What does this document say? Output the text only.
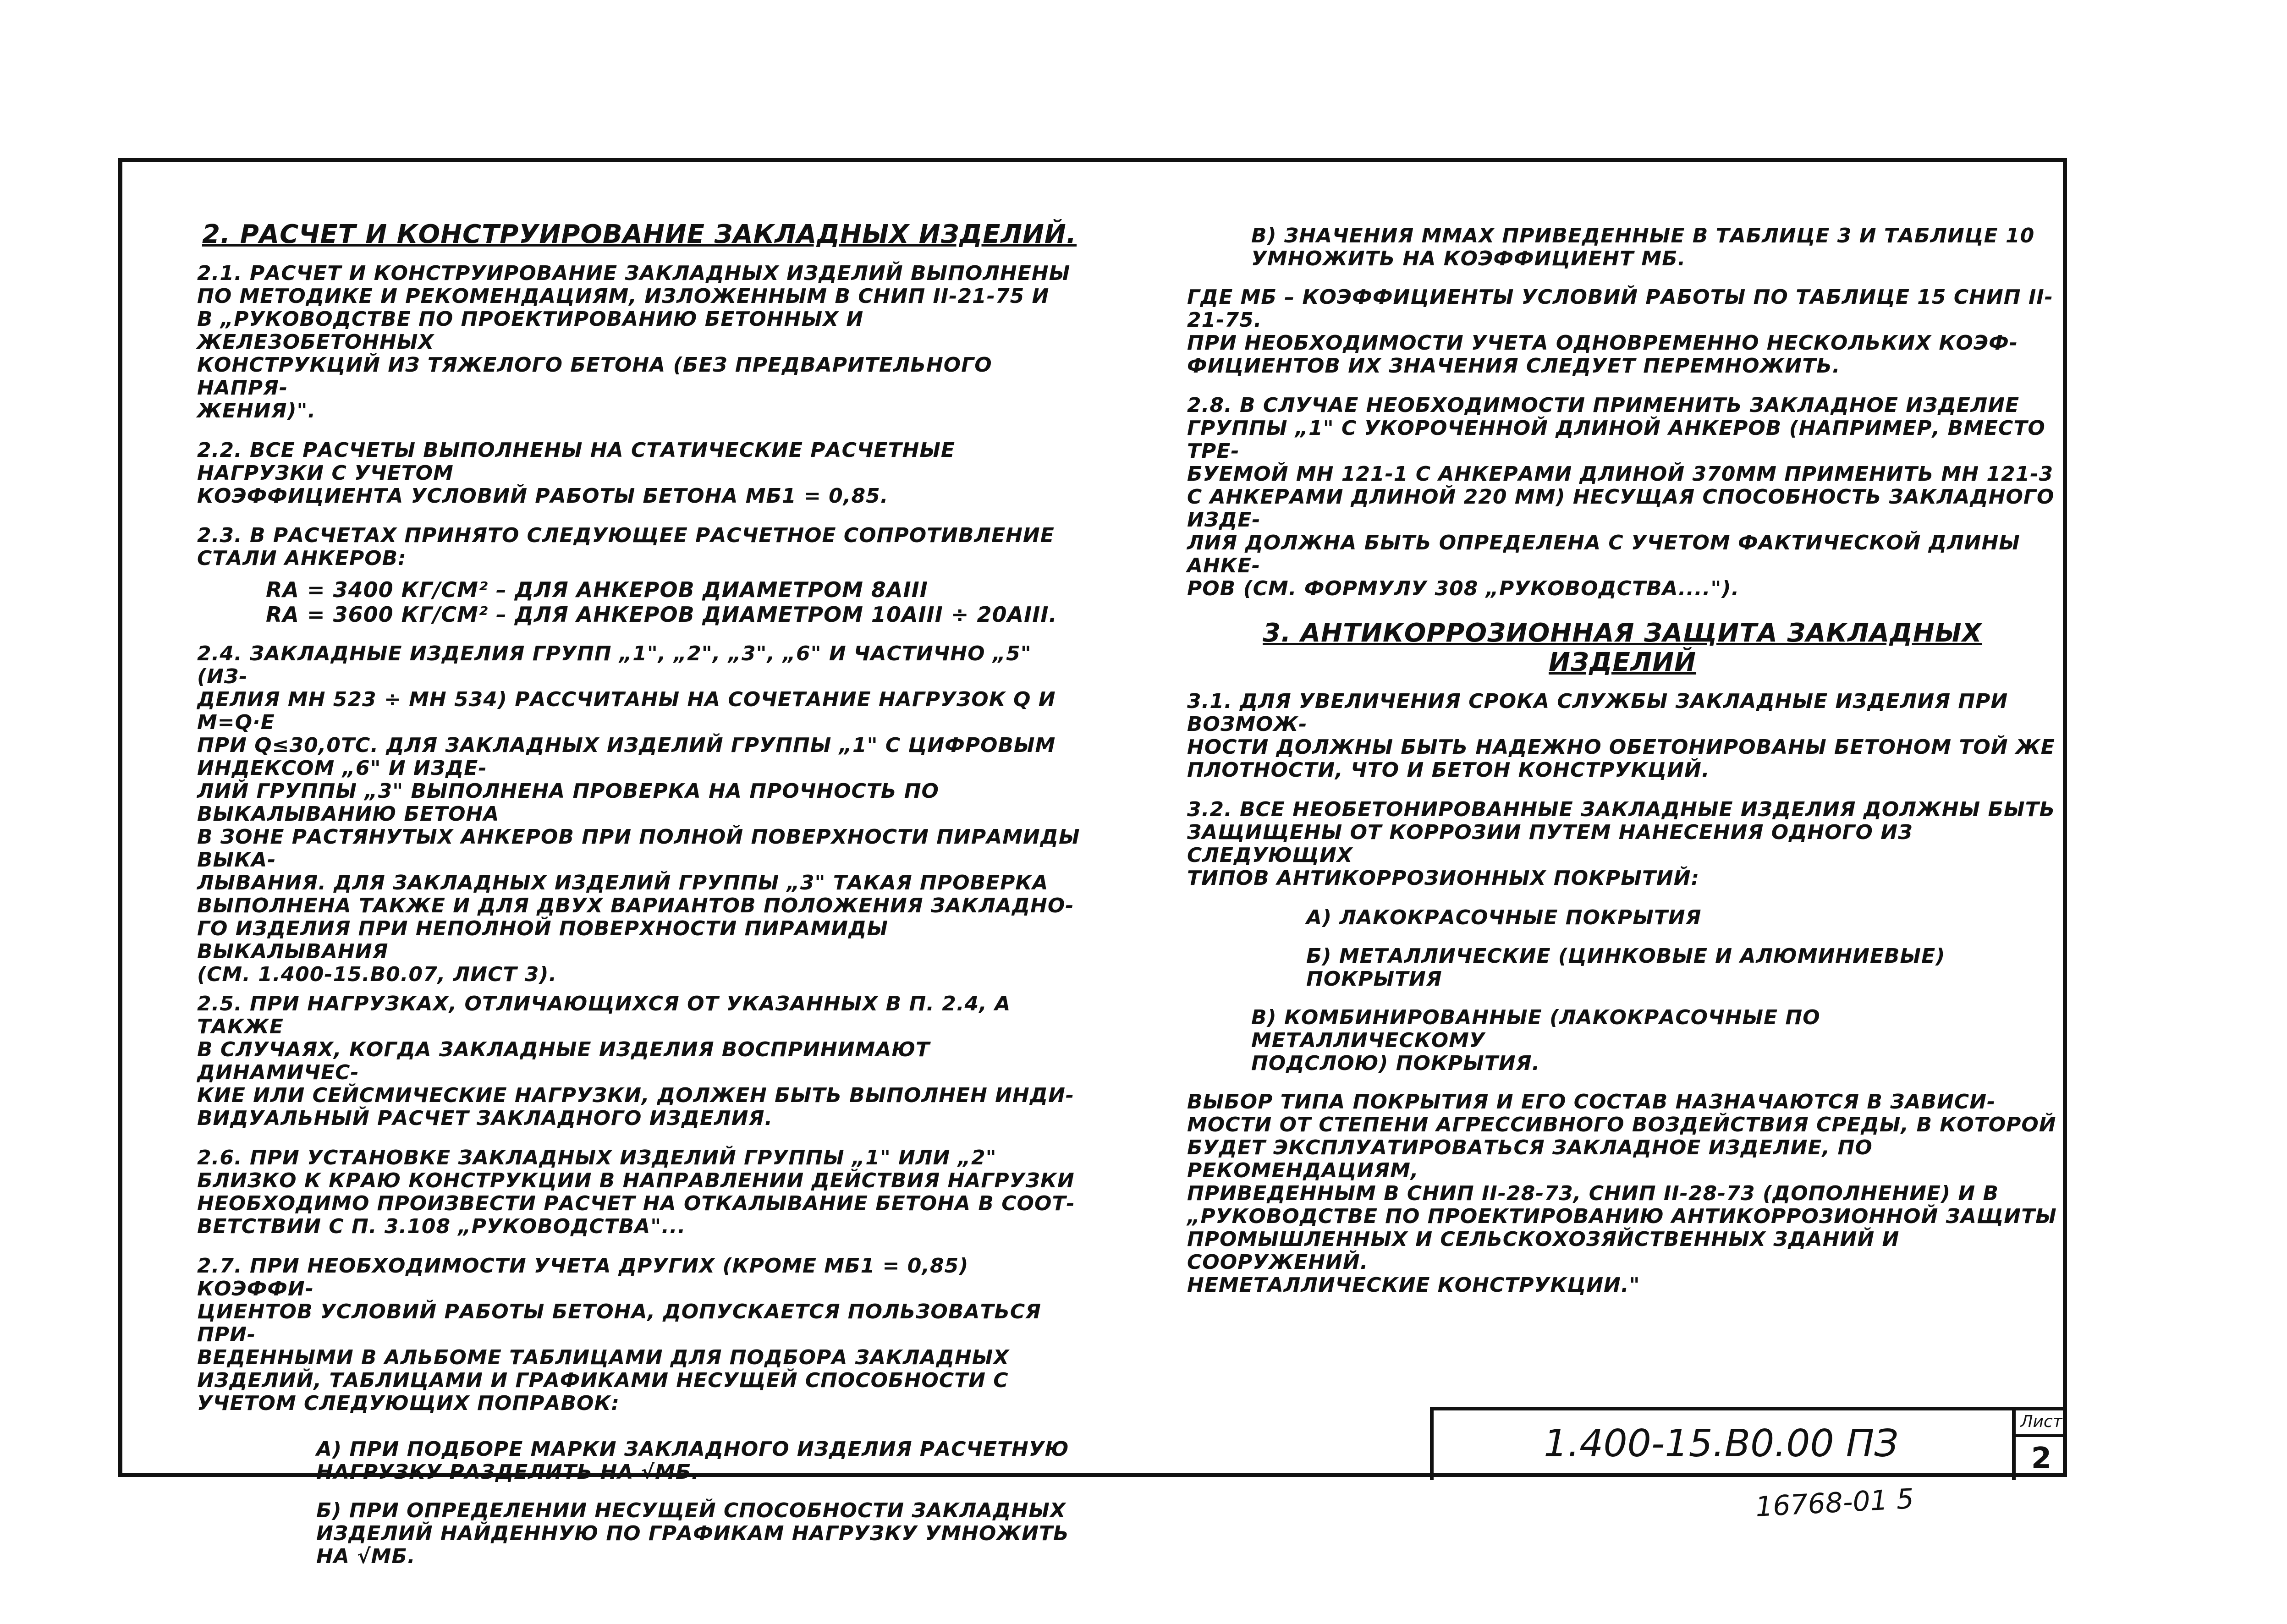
2. РАСЧЕТ И КОНСТРУИРОВАНИЕ ЗАКЛАДНЫХ ИЗДЕЛИЙ.
2.1. РАСЧЕТ И КОНСТРУИРОВАНИЕ ЗАКЛАДНЫХ ИЗДЕЛИЙ ВЫПОЛНЕНЫ
ПО МЕТОДИКЕ И РЕКОМЕНДАЦИЯМ, ИЗЛОЖЕННЫМ В СНИП II-21-75 И
В „РУКОВОДСТВЕ ПО ПРОЕКТИРОВАНИЮ БЕТОННЫХ И ЖЕЛЕЗОБЕТОННЫХ
КОНСТРУКЦИЙ ИЗ ТЯЖЕЛОГО БЕТОНА (БЕЗ ПРЕДВАРИТЕЛЬНОГО НАПРЯ-
ЖЕНИЯ)".
2.2. ВСЕ РАСЧЕТЫ ВЫПОЛНЕНЫ НА СТАТИЧЕСКИЕ РАСЧЕТНЫЕ НАГРУЗКИ С УЧЕТОМ
КОЭФФИЦИЕНТА УСЛОВИЙ РАБОТЫ БЕТОНА MБ1 = 0,85.
2.3. В РАСЧЕТАХ ПРИНЯТО СЛЕДУЮЩЕЕ РАСЧЕТНОЕ СОПРОТИВЛЕНИЕ
СТАЛИ АНКЕРОВ:
RA = 3400 КГ/СМ² – ДЛЯ АНКЕРОВ ДИАМЕТРОМ 8AIII
RA = 3600 КГ/СМ² – ДЛЯ АНКЕРОВ ДИАМЕТРОМ 10AIII ÷ 20AIII.
2.4. ЗАКЛАДНЫЕ ИЗДЕЛИЯ ГРУПП „1", „2", „3", „6" И ЧАСТИЧНО „5" (ИЗ-
ДЕЛИЯ МН 523 ÷ МН 534) РАССЧИТАНЫ НА СОЧЕТАНИЕ НАГРУЗОК Q И М=Q·Е
ПРИ Q≤30,0ТС. ДЛЯ ЗАКЛАДНЫХ ИЗДЕЛИЙ ГРУППЫ „1" С ЦИФРОВЫМ ИНДЕКСОМ „6" И ИЗДЕ-
ЛИЙ ГРУППЫ „3" ВЫПОЛНЕНА ПРОВЕРКА НА ПРОЧНОСТЬ ПО ВЫКАЛЫВАНИЮ БЕТОНА
В ЗОНЕ РАСТЯНУТЫХ АНКЕРОВ ПРИ ПОЛНОЙ ПОВЕРХНОСТИ ПИРАМИДЫ ВЫКА-
ЛЫВАНИЯ. ДЛЯ ЗАКЛАДНЫХ ИЗДЕЛИЙ ГРУППЫ „3" ТАКАЯ ПРОВЕРКА
ВЫПОЛНЕНА ТАКЖЕ И ДЛЯ ДВУХ ВАРИАНТОВ ПОЛОЖЕНИЯ ЗАКЛАДНО-
ГО ИЗДЕЛИЯ ПРИ НЕПОЛНОЙ ПОВЕРХНОСТИ ПИРАМИДЫ ВЫКАЛЫВАНИЯ
(СМ. 1.400-15.В0.07, ЛИСТ 3).
2.5. ПРИ НАГРУЗКАХ, ОТЛИЧАЮЩИХСЯ ОТ УКАЗАННЫХ В П. 2.4, А ТАКЖЕ
В СЛУЧАЯХ, КОГДА ЗАКЛАДНЫЕ ИЗДЕЛИЯ ВОСПРИНИМАЮТ ДИНАМИЧЕС-
КИЕ ИЛИ СЕЙСМИЧЕСКИЕ НАГРУЗКИ, ДОЛЖЕН БЫТЬ ВЫПОЛНЕН ИНДИ-
ВИДУАЛЬНЫЙ РАСЧЕТ ЗАКЛАДНОГО ИЗДЕЛИЯ.
2.6. ПРИ УСТАНОВКЕ ЗАКЛАДНЫХ ИЗДЕЛИЙ ГРУППЫ „1" ИЛИ „2"
БЛИЗКО К КРАЮ КОНСТРУКЦИИ В НАПРАВЛЕНИИ ДЕЙСТВИЯ НАГРУЗКИ
НЕОБХОДИМО ПРОИЗВЕСТИ РАСЧЕТ НА ОТКАЛЫВАНИЕ БЕТОНА В СООТ-
ВЕТСТВИИ С П. 3.108 „РУКОВОДСТВА"...
2.7. ПРИ НЕОБХОДИМОСТИ УЧЕТА ДРУГИХ (КРОМЕ MБ1 = 0,85) КОЭФФИ-
ЦИЕНТОВ УСЛОВИЙ РАБОТЫ БЕТОНА, ДОПУСКАЕТСЯ ПОЛЬЗОВАТЬСЯ ПРИ-
ВЕДЕННЫМИ В АЛЬБОМЕ ТАБЛИЦАМИ ДЛЯ ПОДБОРА ЗАКЛАДНЫХ
ИЗДЕЛИЙ, ТАБЛИЦАМИ И ГРАФИКАМИ НЕСУЩЕЙ СПОСОБНОСТИ С
УЧЕТОМ СЛЕДУЮЩИХ ПОПРАВОК:
А) ПРИ ПОДБОРЕ МАРКИ ЗАКЛАДНОГО ИЗДЕЛИЯ РАСЧЕТНУЮ
НАГРУЗКУ РАЗДЕЛИТЬ НА √MБ.
Б) ПРИ ОПРЕДЕЛЕНИИ НЕСУЩЕЙ СПОСОБНОСТИ ЗАКЛАДНЫХ
ИЗДЕЛИЙ НАЙДЕННУЮ ПО ГРАФИКАМ НАГРУЗКУ УМНОЖИТЬ
НА √MБ.
В) ЗНАЧЕНИЯ MMAX ПРИВЕДЕННЫЕ В ТАБЛИЦЕ 3 И ТАБЛИЦЕ 10
УМНОЖИТЬ НА КОЭФФИЦИЕНТ MБ.
ГДЕ MБ – КОЭФФИЦИЕНТЫ УСЛОВИЙ РАБОТЫ ПО ТАБЛИЦЕ 15 СНИП II-21-75.
ПРИ НЕОБХОДИМОСТИ УЧЕТА ОДНОВРЕМЕННО НЕСКОЛЬКИХ КОЭФ-
ФИЦИЕНТОВ ИХ ЗНАЧЕНИЯ СЛЕДУЕТ ПЕРЕМНОЖИТЬ.
2.8. В СЛУЧАЕ НЕОБХОДИМОСТИ ПРИМЕНИТЬ ЗАКЛАДНОЕ ИЗДЕЛИЕ
ГРУППЫ „1" С УКОРОЧЕННОЙ ДЛИНОЙ АНКЕРОВ (НАПРИМЕР, ВМЕСТО ТРЕ-
БУЕМОЙ МН 121-1 С АНКЕРАМИ ДЛИНОЙ 370ММ ПРИМЕНИТЬ МН 121-3
С АНКЕРАМИ ДЛИНОЙ 220 ММ) НЕСУЩАЯ СПОСОБНОСТЬ ЗАКЛАДНОГО ИЗДЕ-
ЛИЯ ДОЛЖНА БЫТЬ ОПРЕДЕЛЕНА С УЧЕТОМ ФАКТИЧЕСКОЙ ДЛИНЫ АНКЕ-
РОВ (СМ. ФОРМУЛУ 308 „РУКОВОДСТВА....").
3. АНТИКОРРОЗИОННАЯ ЗАЩИТА ЗАКЛАДНЫХ ИЗДЕЛИЙ
3.1. ДЛЯ УВЕЛИЧЕНИЯ СРОКА СЛУЖБЫ ЗАКЛАДНЫЕ ИЗДЕЛИЯ ПРИ ВОЗМОЖ-
НОСТИ ДОЛЖНЫ БЫТЬ НАДЕЖНО ОБЕТОНИРОВАНЫ БЕТОНОМ ТОЙ ЖЕ
ПЛОТНОСТИ, ЧТО И БЕТОН КОНСТРУКЦИЙ.
3.2. ВСЕ НЕОБЕТОНИРОВАННЫЕ ЗАКЛАДНЫЕ ИЗДЕЛИЯ ДОЛЖНЫ БЫТЬ
ЗАЩИЩЕНЫ ОТ КОРРОЗИИ ПУТЕМ НАНЕСЕНИЯ ОДНОГО ИЗ СЛЕДУЮЩИХ
ТИПОВ АНТИКОРРОЗИОННЫХ ПОКРЫТИЙ:
А) ЛАКОКРАСОЧНЫЕ ПОКРЫТИЯ
Б) МЕТАЛЛИЧЕСКИЕ (ЦИНКОВЫЕ И АЛЮМИНИЕВЫЕ) ПОКРЫТИЯ
В) КОМБИНИРОВАННЫЕ (ЛАКОКРАСОЧНЫЕ ПО МЕТАЛЛИЧЕСКОМУ
ПОДСЛОЮ) ПОКРЫТИЯ.
ВЫБОР ТИПА ПОКРЫТИЯ И ЕГО СОСТАВ НАЗНАЧАЮТСЯ В ЗАВИСИ-
МОСТИ ОТ СТЕПЕНИ АГРЕССИВНОГО ВОЗДЕЙСТВИЯ СРЕДЫ, В КОТОРОЙ
БУДЕТ ЭКСПЛУАТИРОВАТЬСЯ ЗАКЛАДНОЕ ИЗДЕЛИЕ, ПО РЕКОМЕНДАЦИЯМ,
ПРИВЕДЕННЫМ В СНИП II-28-73, СНИП II-28-73 (ДОПОЛНЕНИЕ) И В
„РУКОВОДСТВЕ ПО ПРОЕКТИРОВАНИЮ АНТИКОРРОЗИОННОЙ ЗАЩИТЫ
ПРОМЫШЛЕННЫХ И СЕЛЬСКОХОЗЯЙСТВЕННЫХ ЗДАНИЙ И СООРУЖЕНИЙ.
НЕМЕТАЛЛИЧЕСКИЕ КОНСТРУКЦИИ."
1.400-15.В0.00 ПЗ	Лист
2
16768-01 5
